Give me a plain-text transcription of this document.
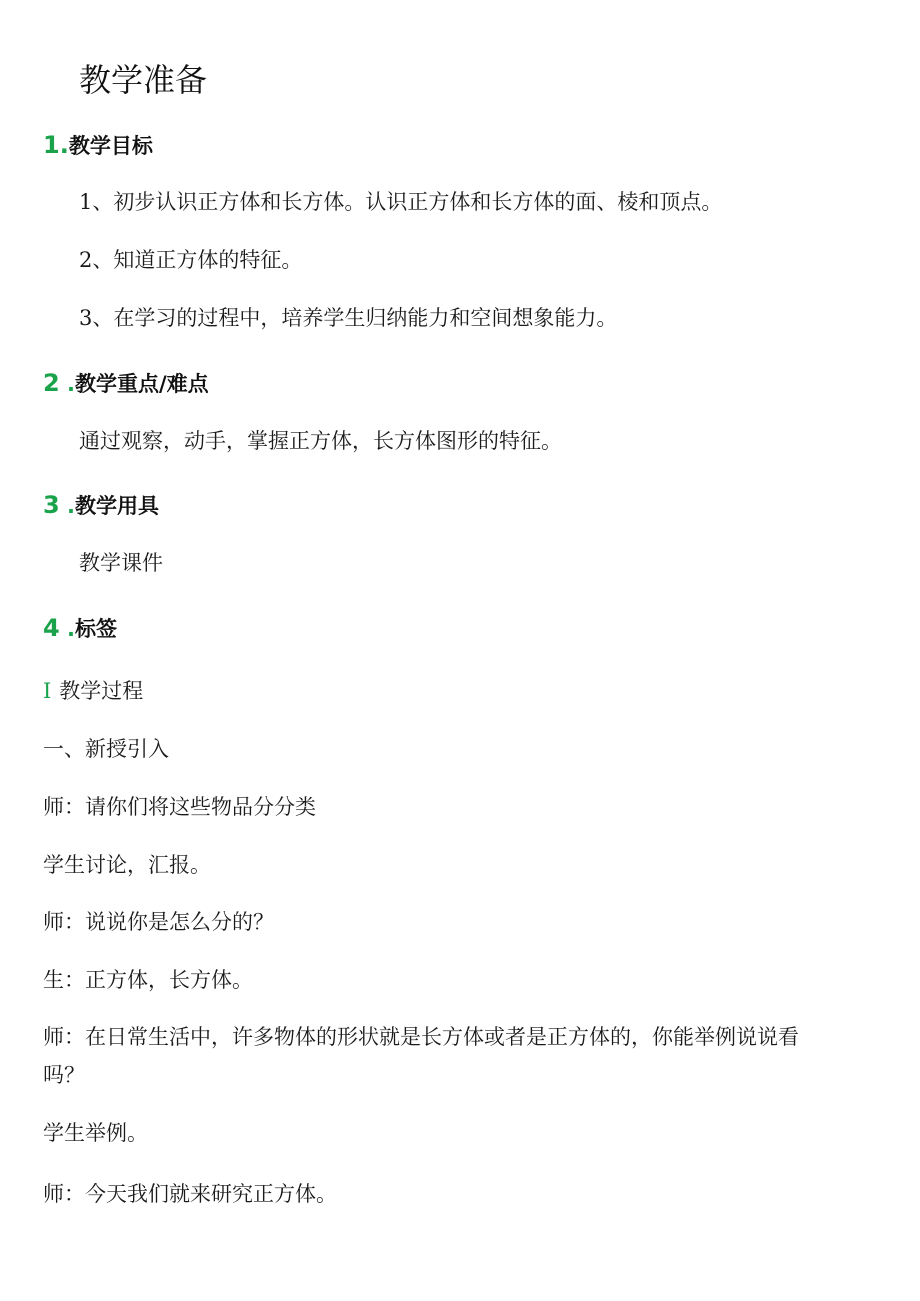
教学准备
1.教学目标
1、初步认识正方体和长方体。认识正方体和长方体的面、棱和顶点。
2、知道正方体的特征。
3、在学习的过程中，培养学生归纳能力和空间想象能力。
2 .教学重点/难点
通过观察，动手，掌握正方体，长方体图形的特征。
3 .教学用具
教学课件
4 .标签
I 教学过程
一、新授引入
师：请你们将这些物品分分类
学生讨论，汇报。
师：说说你是怎么分的？
生：正方体，长方体。
师：在日常生活中，许多物体的形状就是长方体或者是正方体的，你能举例说说看
吗？
学生举例。
师：今天我们就来研究正方体。
